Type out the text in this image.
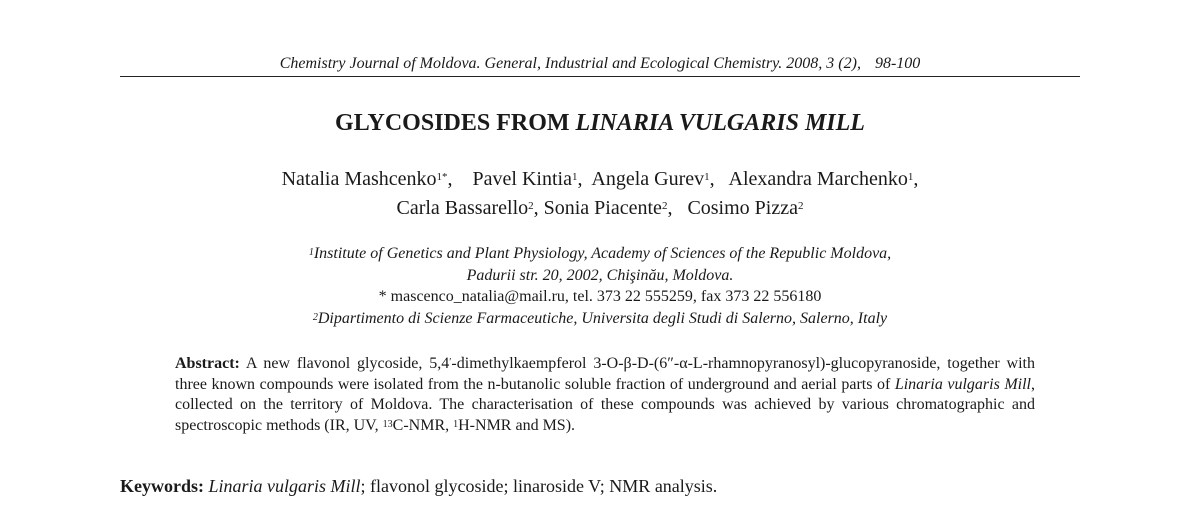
Chemistry Journal of Moldova. General, Industrial and Ecological Chemistry. 2008, 3 (2), 98-100
GLYCOSIDES FROM LINARIA VULGARIS MILL
Natalia Mashcenko$^{1*}$, Pavel Kintia$^1$, Angela Gurev$^1$, Alexandra Marchenko$^1$,
Carla Bassarello$^2$, Sonia Piacente$^2$, Cosimo Pizza$^2$
$^1$Institute of Genetics and Plant Physiology, Academy of Sciences of the Republic Moldova,
Padurii str. 20, 2002, Chişinău, Moldova.
* mascenco_natalia@mail.ru, tel. 373 22 555259, fax 373 22 556180
$^2$Dipartimento di Scienze Farmaceutiche, Universita degli Studi di Salerno, Salerno, Italy
Abstract: A new flavonol glycoside, 5,4′-dimethylkaempferol 3-O-β-D-(6″-α-L-rhamnopyranosyl)-glucopyranoside, together with three known compounds were isolated from the n-butanolic soluble fraction of underground and aerial parts of Linaria vulgaris Mill, collected on the territory of Moldova. The characterisation of these compounds was achieved by various chromatographic and spectroscopic methods (IR, UV, $^{13}$C-NMR, $^1$H-NMR and MS).
Keywords: Linaria vulgaris Mill; flavonol glycoside; linaroside V; NMR analysis.
